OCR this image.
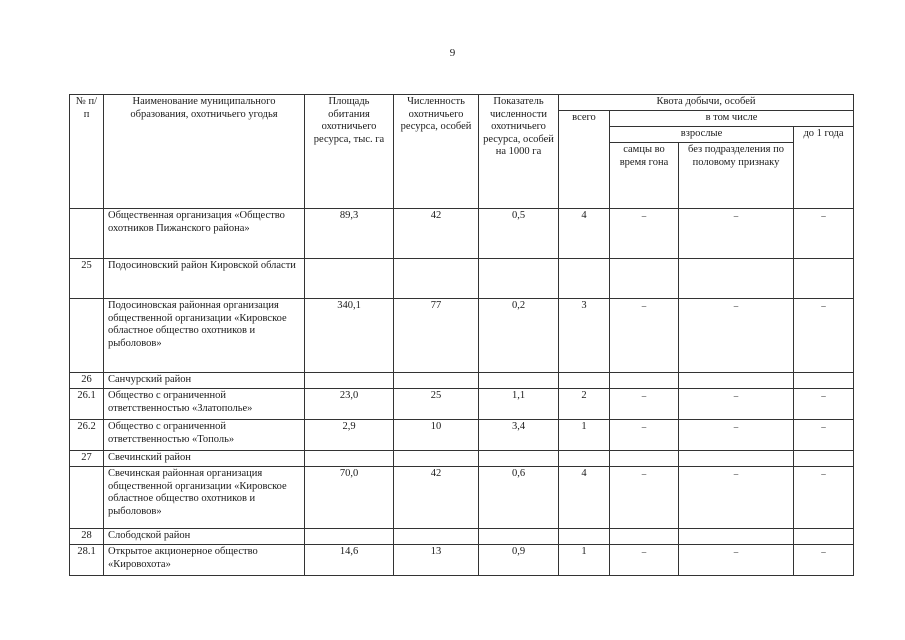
9
№ п/п	Наименование муниципального образования, охотничьего угодья	Площадь обитания охотничьего ресурса, тыс. га	Численность охотничьего ресурса, особей	Показатель численности охотничьего ресурса, особей на 1000 га	Квота добычи, особей			
					всего	в том числе		
						взрослые		до 1 года
						самцы во время гона	без подразделения по половому признаку	
	Общественная организация «Общество охотников Пижанского района»	89,3	42	0,5	4	–	–	–
25	Подосиновский район Кировской области							
	Подосиновская районная организация общественной организации «Кировское областное общество охотников и рыболовов»	340,1	77	0,2	3	–	–	–
26	Санчурский район							
26.1	Общество с ограниченной ответственностью «Златополье»	23,0	25	1,1	2	–	–	–
26.2	Общество с ограниченной ответственностью «Тополь»	2,9	10	3,4	1	–	–	–
27	Свечинский район							
	Свечинская районная организация общественной организации «Кировское областное общество охотников и рыболовов»	70,0	42	0,6	4	–	–	–
28	Слободской район							
28.1	Открытое акционерное общество «Кировохота»	14,6	13	0,9	1	–	–	–
